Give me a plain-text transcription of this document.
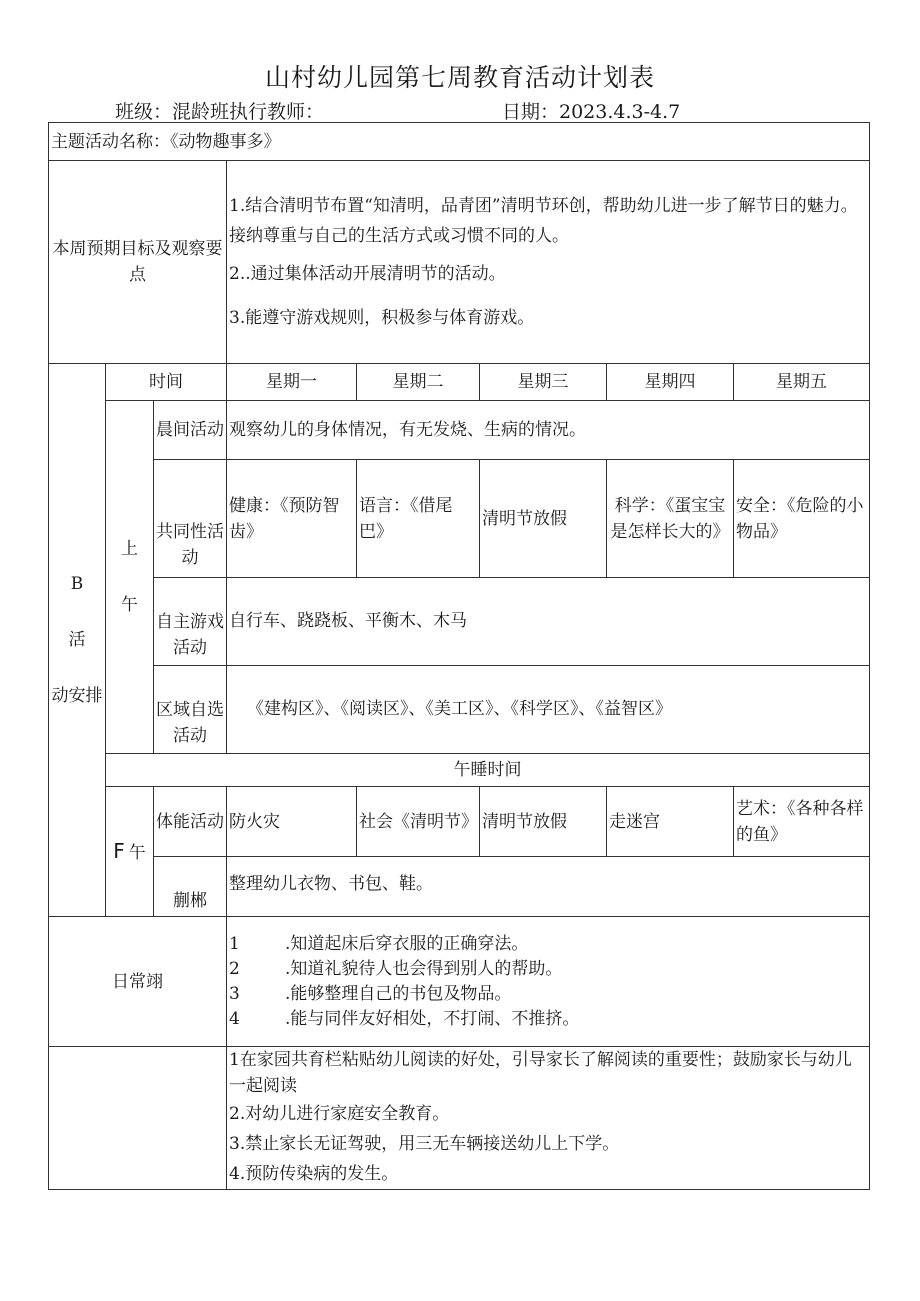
山村幼儿园第七周教育活动计划表
班级：混龄班执行教师：	日期：2023.4.3-4.7
主题活动名称：《动物趣事多》							
本周预期目标及观察要点			1.结合清明节布置“知清明，品青团”清明节环创，帮助幼儿进一步了解节日的魅力。接纳尊重与自己的生活方式或习惯不同的人。
2..通过集体活动开展清明节的活动。
3.能遵守游戏规则，积极参与体育游戏。				

B
活
动安排	时间		星期一	星期二	星期三	星期四	星期五

	上
午	晨间活动	观察幼儿的身体情况，有无发烧、生病的情况。				
		共同性活动	健康：《预防智齿》	语言：《借尾巴》	清明节放假	科学：《蛋宝宝是怎样长大的》	安全：《危险的小物品》
		自主游戏活动	自行车、跷跷板、平衡木、木马				
		区域自选活动	《建构区》、《阅读区》、《美工区》、《科学区》、《益智区》				
	午睡时间						
	F 午	体能活动	防火灾	社会《清明节》	清明节放假	走迷宫	艺术：《各种各样的鱼》
		蒯郴	整理幼儿衣物、书包、鞋。				
日常翊			1 .知道起床后穿衣服的正确穿法。
2 .知道礼貌待人也会得到别人的帮助。
3 .能够整理自己的书包及物品。
4 .能与同伴友好相处，不打闹、不推挤。				

			1在家园共育栏粘贴幼儿阅读的好处，引导家长了解阅读的重要性；鼓励家长与幼儿一起阅读
2.对幼儿进行家庭安全教育。
3.禁止家长无证驾驶，用三无车辆接送幼儿上下学。
4.预防传染病的发生。				
